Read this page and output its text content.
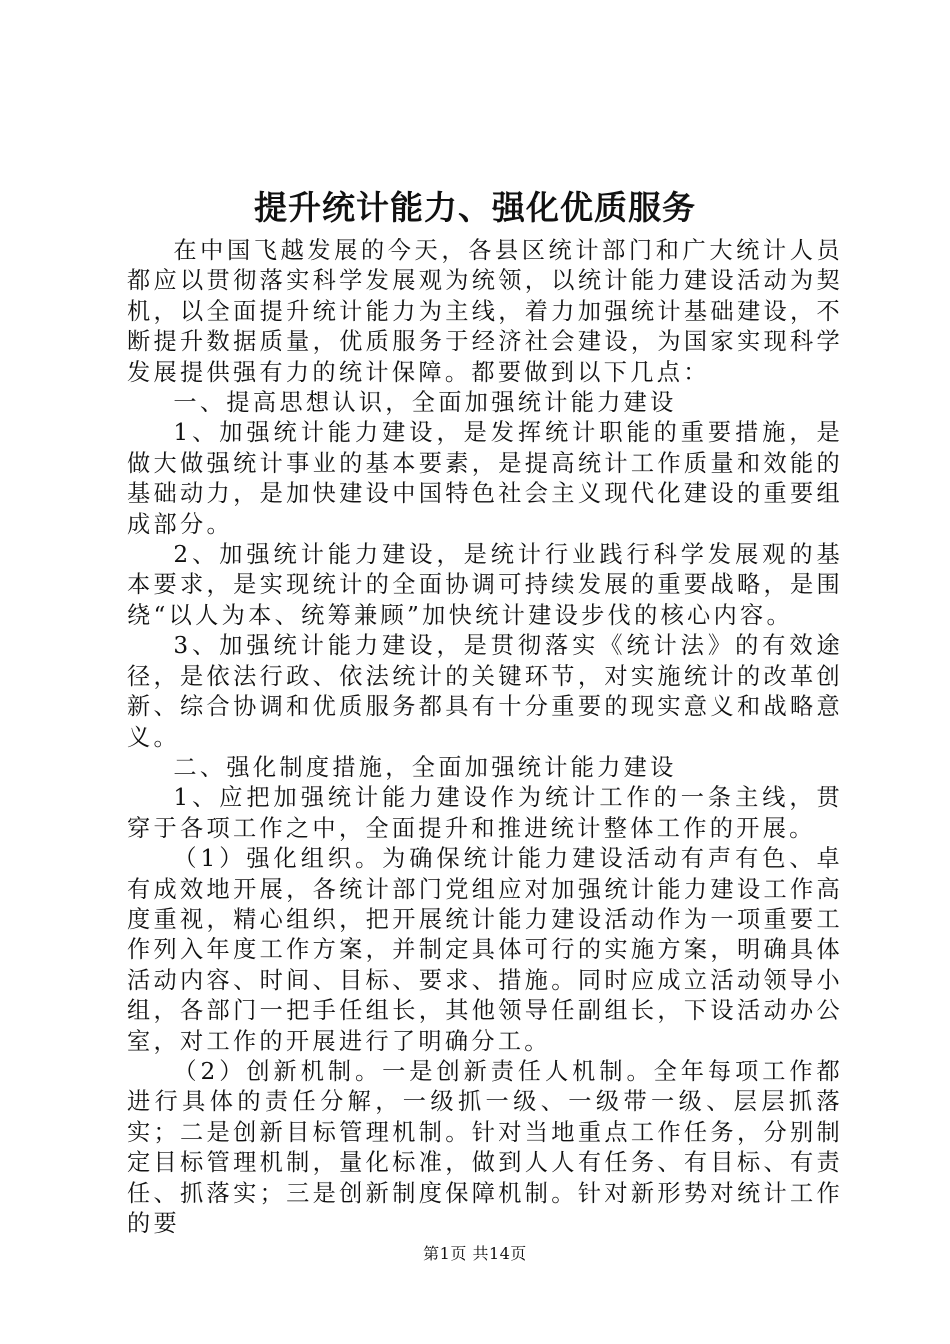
提升统计能力、强化优质服务

在中国飞越发展的今天，各县区统计部门和广大统计人员都应以贯彻落实科学发展观为统领，以统计能力建设活动为契机，以全面提升统计能力为主线，着力加强统计基础建设，不断提升数据质量，优质服务于经济社会建设，为国家实现科学发展提供强有力的统计保障。都要做到以下几点：

一、提高思想认识，全面加强统计能力建设

1、加强统计能力建设，是发挥统计职能的重要措施，是做大做强统计事业的基本要素，是提高统计工作质量和效能的基础动力，是加快建设中国特色社会主义现代化建设的重要组成部分。

2、加强统计能力建设，是统计行业践行科学发展观的基本要求，是实现统计的全面协调可持续发展的重要战略，是围绕“以人为本、统筹兼顾”加快统计建设步伐的核心内容。

3、加强统计能力建设，是贯彻落实《统计法》的有效途径，是依法行政、依法统计的关键环节，对实施统计的改革创新、综合协调和优质服务都具有十分重要的现实意义和战略意义。

二、强化制度措施，全面加强统计能力建设

1、应把加强统计能力建设作为统计工作的一条主线，贯穿于各项工作之中，全面提升和推进统计整体工作的开展。

（1）强化组织。为确保统计能力建设活动有声有色、卓有成效地开展，各统计部门党组应对加强统计能力建设工作高度重视，精心组织，把开展统计能力建设活动作为一项重要工作列入年度工作方案，并制定具体可行的实施方案，明确具体活动内容、时间、目标、要求、措施。同时应成立活动领导小组，各部门一把手任组长，其他领导任副组长，下设活动办公室，对工作的开展进行了明确分工。

（2）创新机制。一是创新责任人机制。全年每项工作都进行具体的责任分解，一级抓一级、一级带一级、层层抓落实；二是创新目标管理机制。针对当地重点工作任务，分别制定目标管理机制，量化标准，做到人人有任务、有目标、有责任、抓落实；三是创新制度保障机制。针对新形势对统计工作的要

第1页 共14页
